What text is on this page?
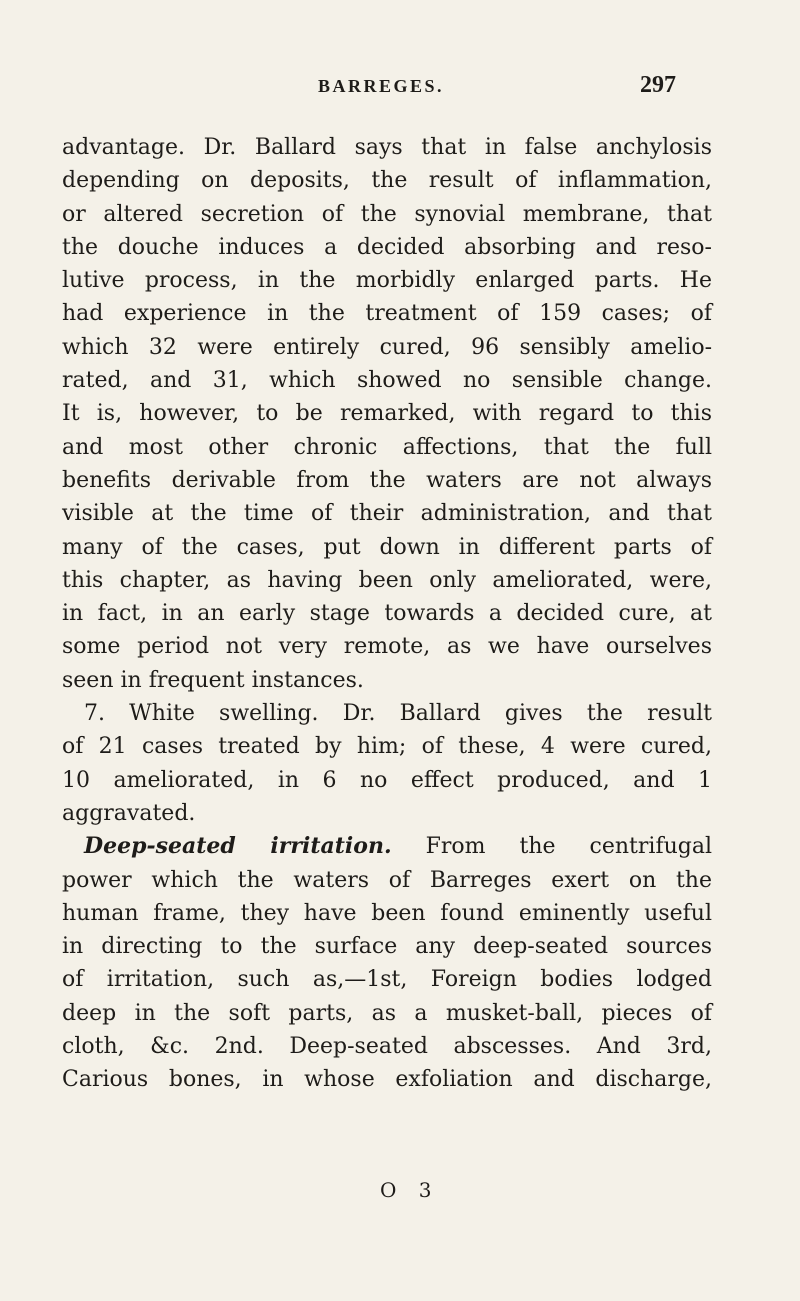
BARREGES.	297
advantage. Dr. Ballard says that in false anchylosis
depending on deposits, the result of inflammation,
or altered secretion of the synovial membrane, that
the douche induces a decided absorbing and reso-
lutive process, in the morbidly enlarged parts. He
had experience in the treatment of 159 cases; of
which 32 were entirely cured, 96 sensibly amelio-
rated, and 31, which showed no sensible change.
It is, however, to be remarked, with regard to this
and most other chronic affections, that the full
benefits derivable from the waters are not always
visible at the time of their administration, and that
many of the cases, put down in different parts of
this chapter, as having been only ameliorated, were,
in fact, in an early stage towards a decided cure, at
some period not very remote, as we have ourselves
seen in frequent instances.
7. White swelling. Dr. Ballard gives the result
of 21 cases treated by him; of these, 4 were cured,
10 ameliorated, in 6 no effect produced, and 1
aggravated.
Deep-seated irritation. From the centrifugal
power which the waters of Barreges exert on the
human frame, they have been found eminently useful
in directing to the surface any deep-seated sources
of irritation, such as,—1st, Foreign bodies lodged
deep in the soft parts, as a musket-ball, pieces of
cloth, &c. 2nd. Deep-seated abscesses. And 3rd,
Carious bones, in whose exfoliation and discharge,
O 3
